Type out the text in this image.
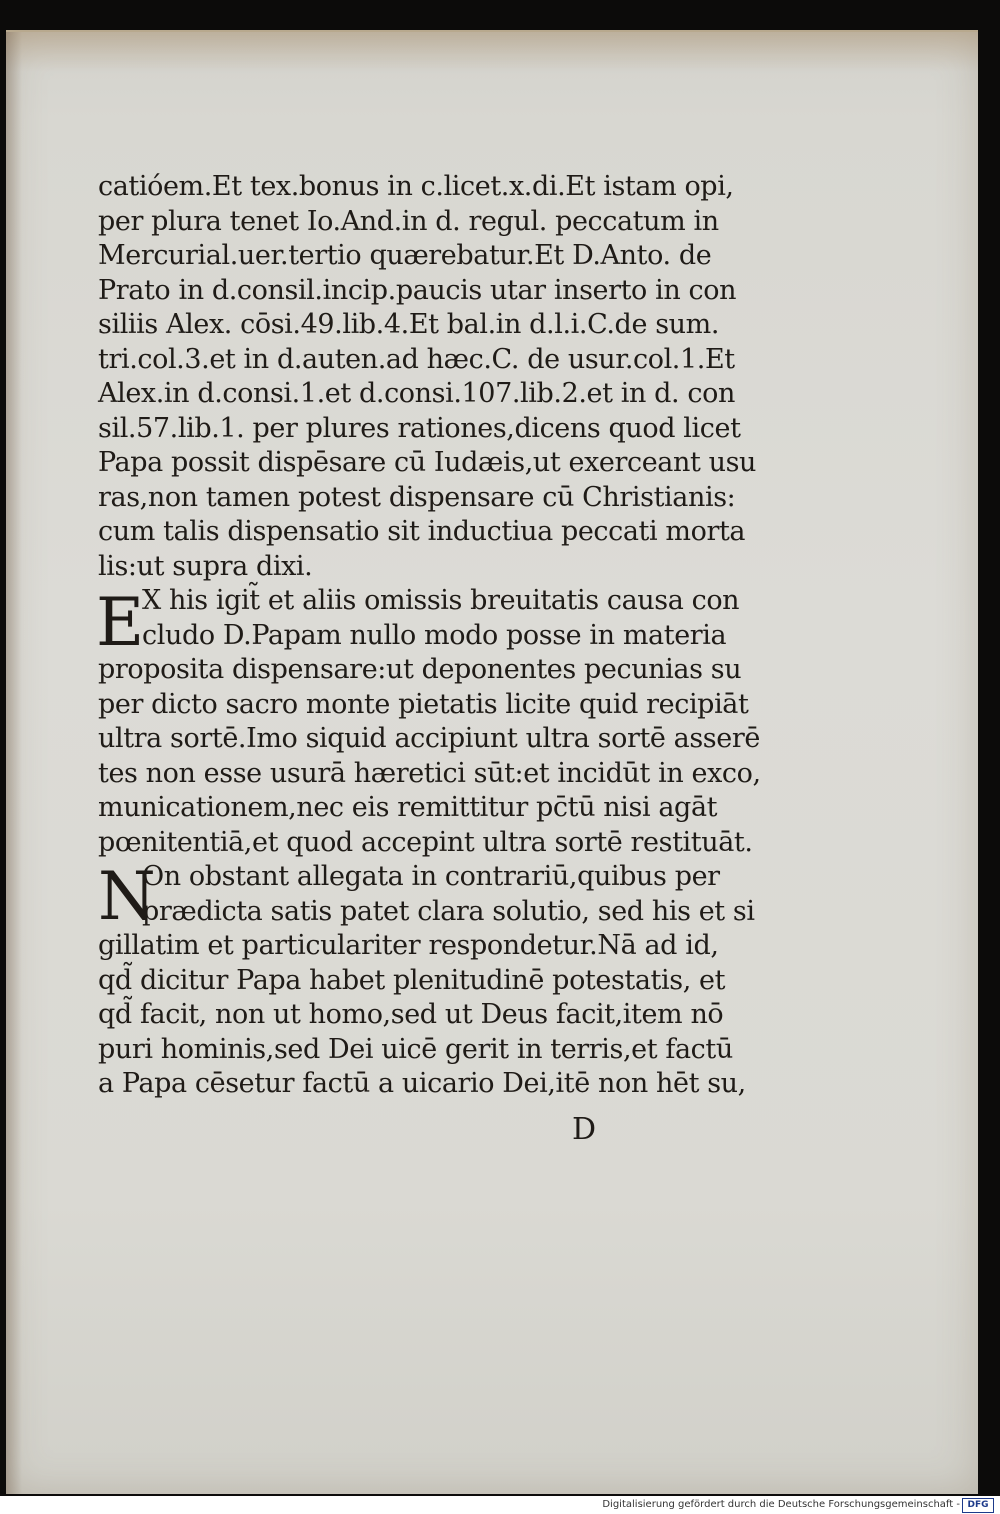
catióem.Et tex.bonus in c.licet.x.di.Et istam opi,
per plura tenet Io.And.in d. regul. peccatum in
Mercurial.uer.tertio quærebatur.Et D.Anto. de
Prato in d.consil.incip.paucis utar inserto in con
siliis Alex. cōsi.49.lib.4.Et bal.in d.l.i.C.de sum.
tri.col.3.et in d.auten.ad hæc.C. de usur.col.1.Et
Alex.in d.consi.1.et d.consi.107.lib.2.et in d. con
sil.57.lib.1. per plures rationes,dicens quod licet
Papa possit dispēsare cū Iudæis,ut exerceant usu
ras,non tamen potest dispensare cū Christianis:
cum talis dispensatio sit inductiua peccati morta
lis:ut supra dixi.
E
X his igit̃ et aliis omissis breuitatis causa con
cludo D.Papam nullo modo posse in materia
proposita dispensare:ut deponentes pecunias su
per dicto sacro monte pietatis licite quid recipiāt
ultra sortē.Imo siquid accipiunt ultra sortē asserē
tes non esse usurā hæretici sūt:et incidūt in exco,
municationem,nec eis remittitur pc̄tū nisi agāt
pœnitentiā,et quod accepint ultra sortē restituāt.
N
On obstant allegata in contrariū,quibus per
prædicta satis patet clara solutio, sed his et si
gillatim et particulariter respondetur.Nā ad id,
qd̃ dicitur Papa habet plenitudinē potestatis, et
qd̃ facit, non ut homo,sed ut Deus facit,item nō
puri hominis,sed Dei uicē gerit in terris,et factū
a Papa cēsetur factū a uicario Dei,itē non hēt su,
D
Digitalisierung gefördert durch die Deutsche Forschungsgemeinschaft - DFG
